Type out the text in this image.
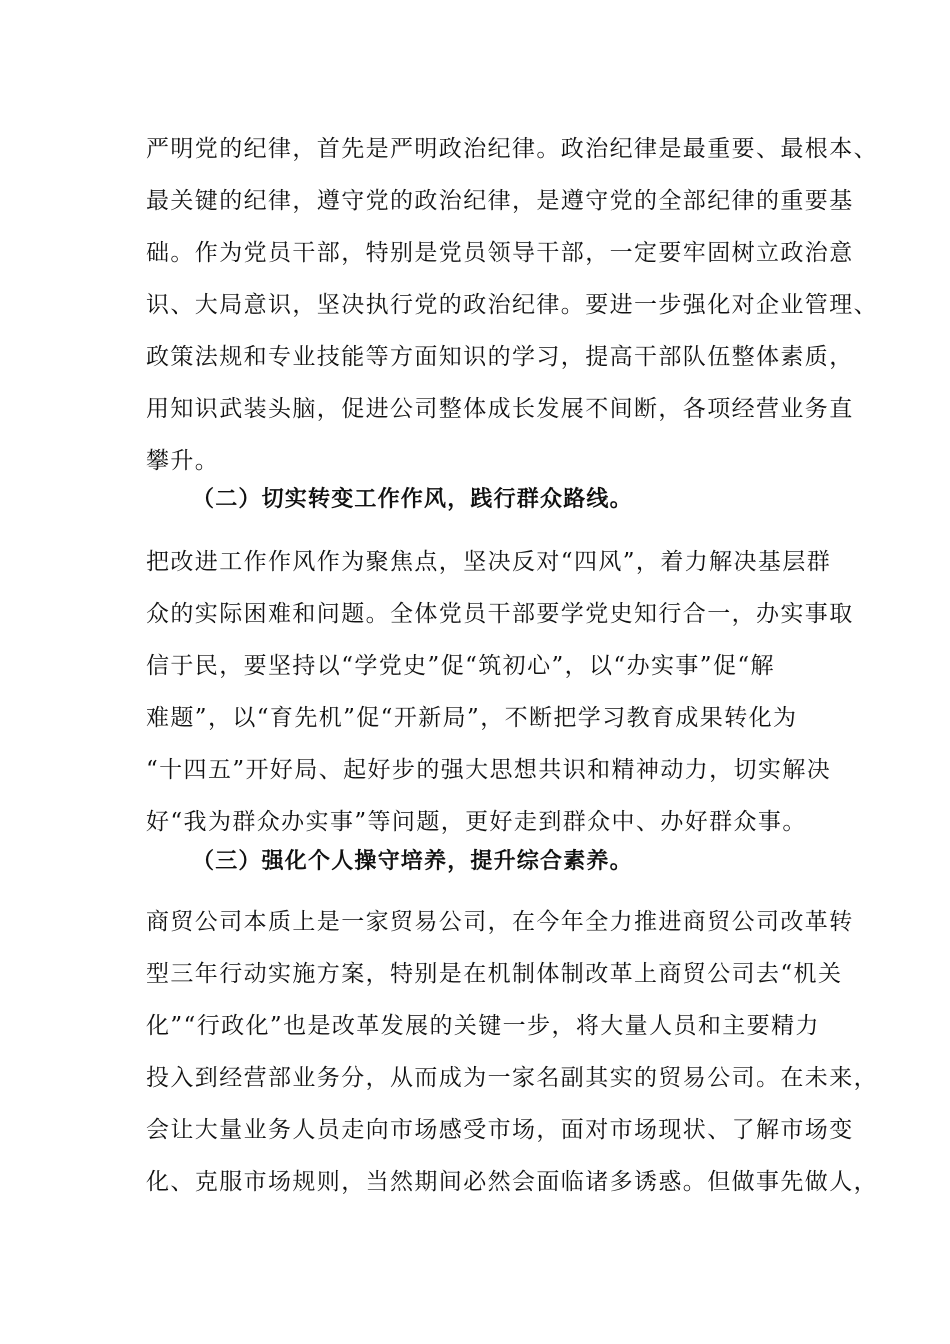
严明党的纪律，首先是严明政治纪律。政治纪律是最重要、最根本、
最关键的纪律，遵守党的政治纪律，是遵守党的全部纪律的重要基
础。作为党员干部，特别是党员领导干部，一定要牢固树立政治意
识、大局意识，坚决执行党的政治纪律。要进一步强化对企业管理、
政策法规和专业技能等方面知识的学习，提高干部队伍整体素质，
用知识武装头脑，促进公司整体成长发展不间断，各项经营业务直
攀升。
（二）切实转变工作作风，践行群众路线。
把改进工作作风作为聚焦点，坚决反对“四风”，着力解决基层群
众的实际困难和问题。全体党员干部要学党史知行合一，办实事取
信于民，要坚持以“学党史”促“筑初心”，以“办实事”促“解
难题”，以“育先机”促“开新局”，不断把学习教育成果转化为
“十四五”开好局、起好步的强大思想共识和精神动力，切实解决
好“我为群众办实事”等问题，更好走到群众中、办好群众事。
（三）强化个人操守培养，提升综合素养。
商贸公司本质上是一家贸易公司，在今年全力推进商贸公司改革转
型三年行动实施方案，特别是在机制体制改革上商贸公司去“机关
化”“行政化”也是改革发展的关键一步，将大量人员和主要精力
投入到经营部业务分，从而成为一家名副其实的贸易公司。在未来，
会让大量业务人员走向市场感受市场，面对市场现状、了解市场变
化、克服市场规则，当然期间必然会面临诸多诱惑。但做事先做人，
